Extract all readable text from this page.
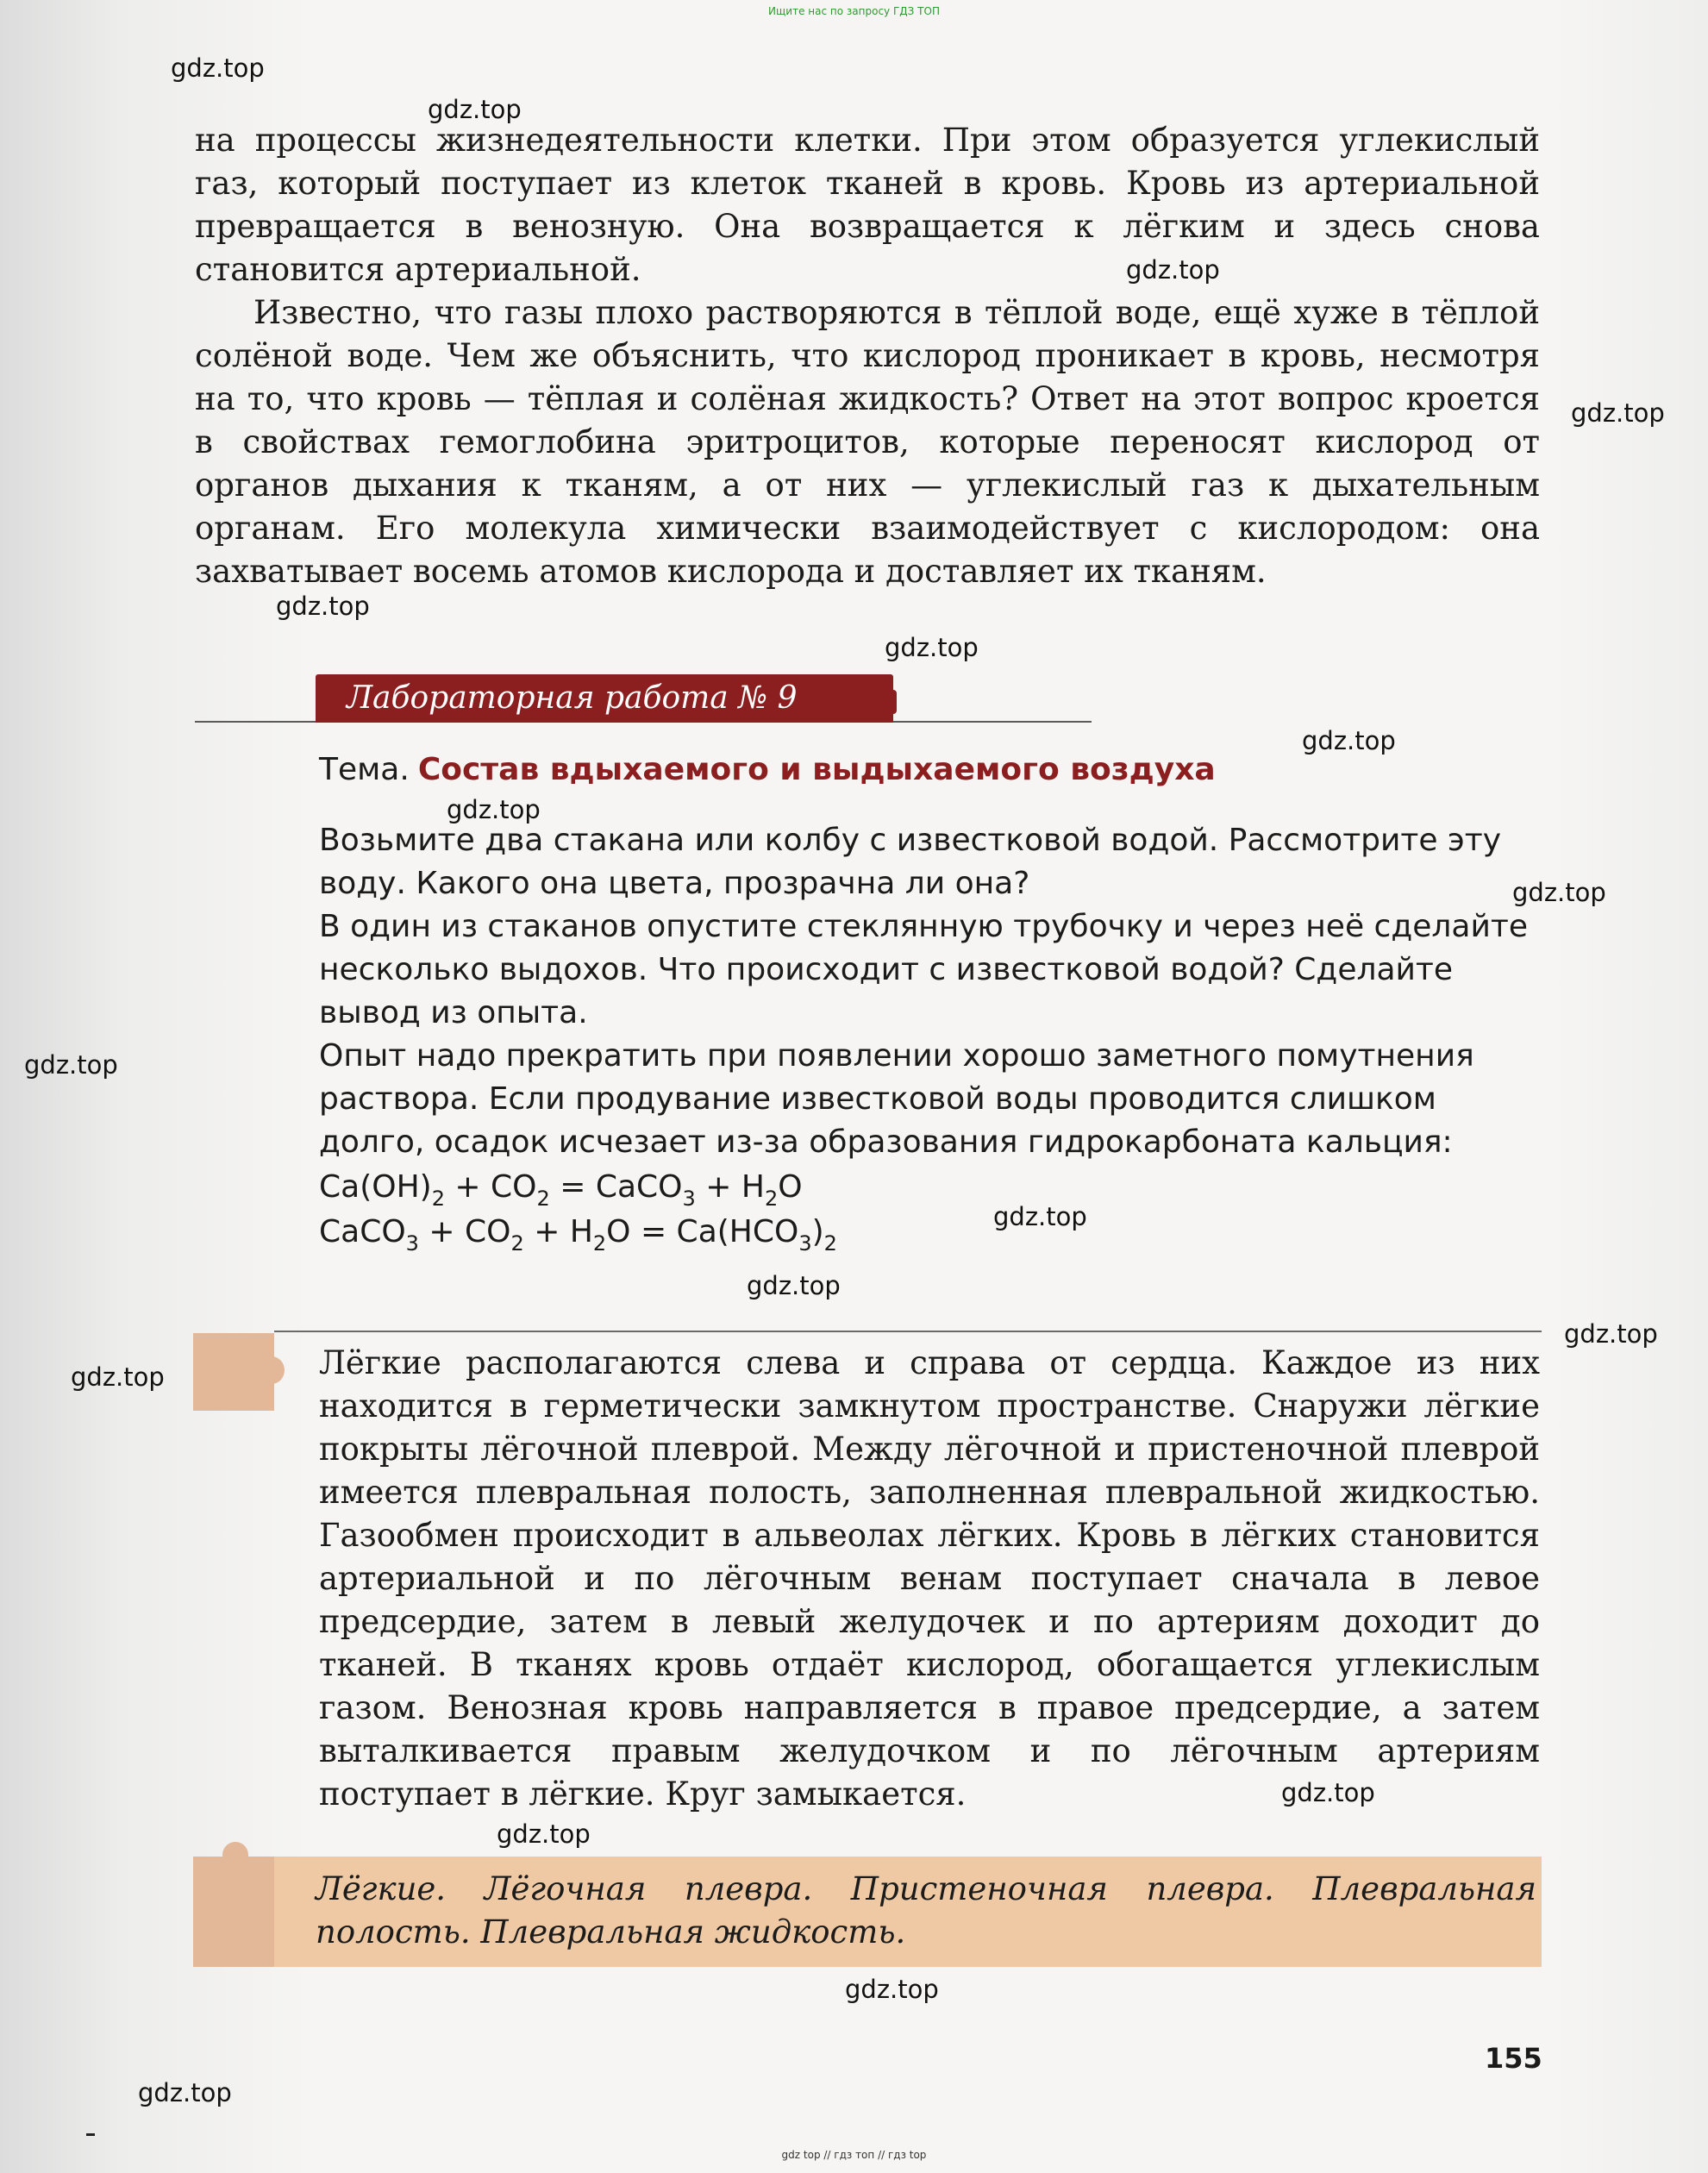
Ищите нас по запросу ГДЗ ТОП

на процессы жизнедеятельности клетки. При этом образуется углекислый газ, который поступает из клеток тканей в кровь. Кровь из артериальной превращается в венозную. Она возвращается к лёгким и здесь снова становится артериальной.

Известно, что газы плохо растворяются в тёплой воде, ещё хуже в тёплой солёной воде. Чем же объяснить, что кислород проникает в кровь, несмотря на то, что кровь — тёплая и солёная жидкость? Ответ на этот вопрос кроется в свойствах гемоглобина эритроцитов, которые переносят кислород от органов дыхания к тканям, а от них — углекислый газ к дыхательным органам. Его молекула химически взаимодействует с кислородом: она захватывает восемь атомов кислорода и доставляет их тканям.

Лабораторная работа № 9
Тема. Состав вдыхаемого и выдыхаемого воздуха
Возьмите два стакана или колбу с известковой водой. Рассмотрите эту воду. Какого она цвета, прозрачна ли она?
В один из стаканов опустите стеклянную трубочку и через неё сделайте несколько выдохов. Что происходит с известковой водой? Сделайте вывод из опыта.
Опыт надо прекратить при появлении хорошо заметного помутнения раствора. Если продувание известковой воды проводится слишком долго, осадок исчезает из-за образования гидрокарбоната кальция:
$Ca(OH)_2 + CO_2$ = CaCO$_3$ + $H_2O$
CaCO$_3$ + $CO_2 + H_2O = Ca(HCO_3)_2$

Лёгкие располагаются слева и справа от сердца. Каждое из них находится в герметически замкнутом пространстве. Снаружи лёгкие покрыты лёгочной плеврой. Между лёгочной и пристеночной плеврой имеется плевральная полость, заполненная плевральной жидкостью. Газообмен происходит в альвеолах лёгких. Кровь в лёгких становится артериальной и по лёгочным венам поступает сначала в левое предсердие, затем в левый желудочек и по артериям доходит до тканей. В тканях кровь отдаёт кислород, обогащается углекислым газом. Венозная кровь направляется в правое предсердие, а затем выталкивается правым желудочком и по лёгочным артериям поступает в лёгкие. Круг замыкается.

Лёгкие. Лёгочная плевра. Пристеночная плевра. Плевральная полость. Плевральная жидкость.
155
gdz.top
gdz.top
gdz.top
gdz.top
gdz.top
gdz.top
gdz.top
gdz.top
gdz.top
gdz.top
gdz.top
gdz.top
gdz.top
gdz.top
gdz.top
gdz.top
gdz.top
gdz.top
gdz top // гдз топ // гдз top
